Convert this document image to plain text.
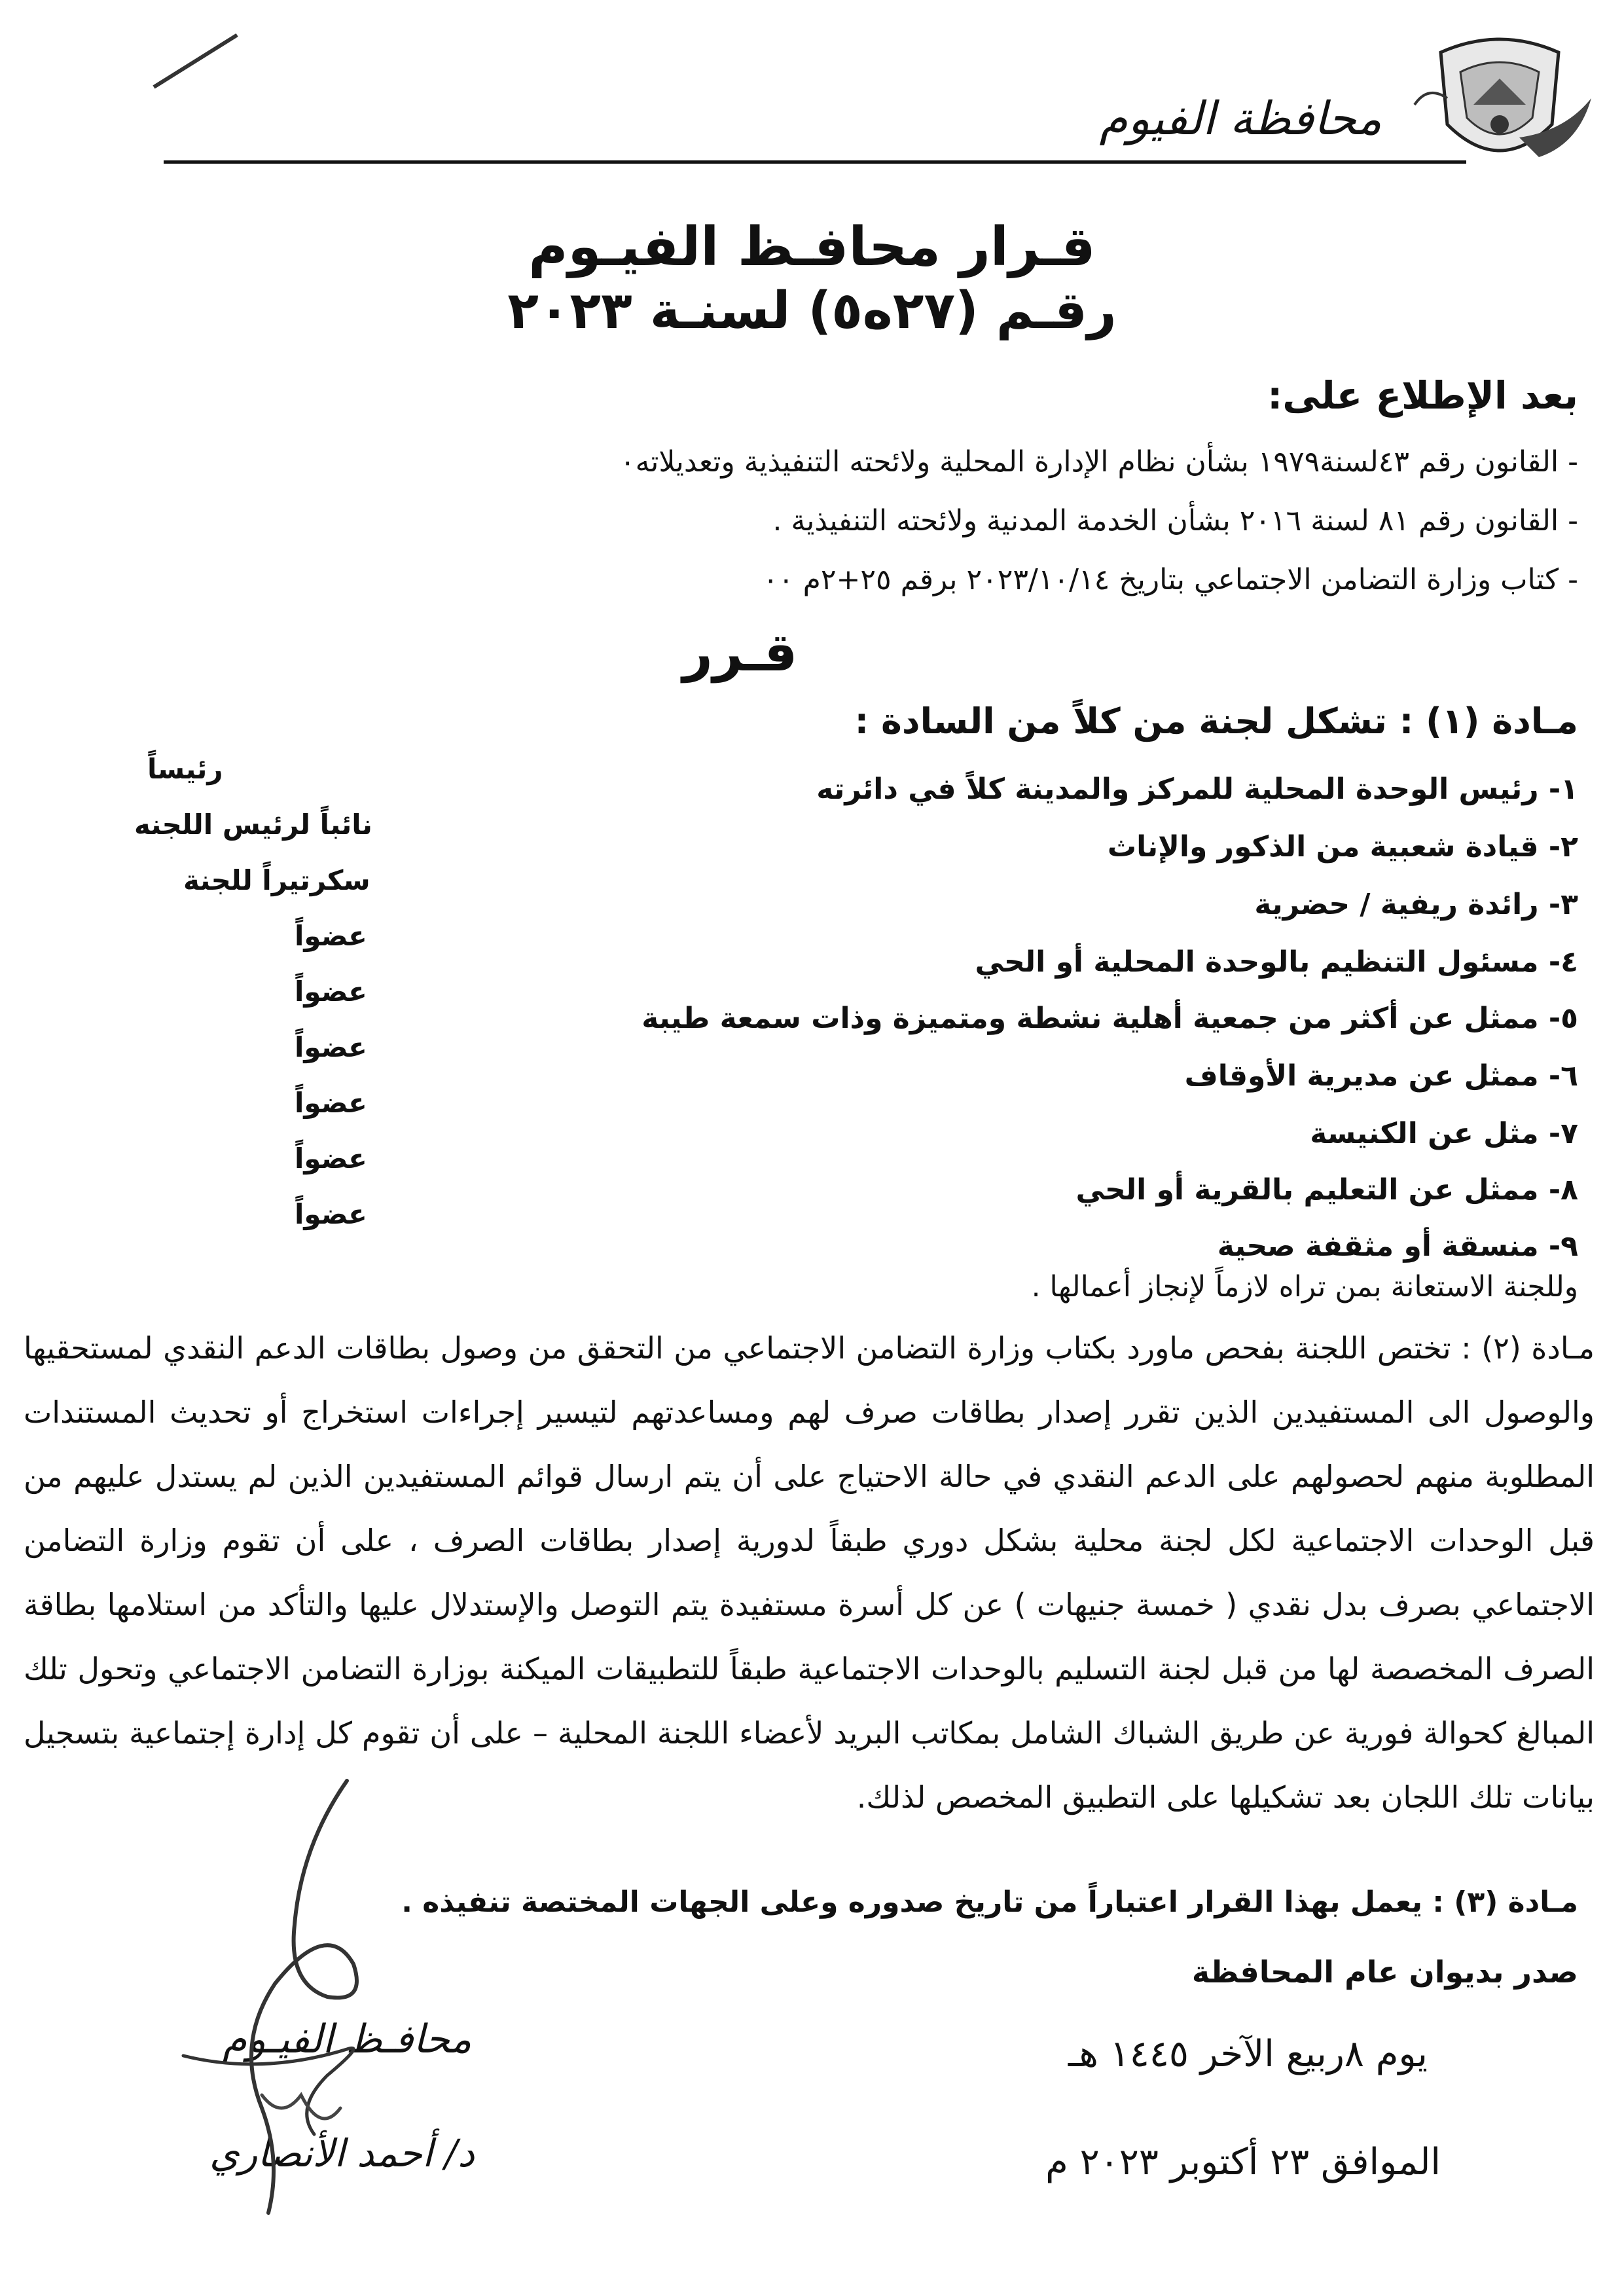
محافظة الفيوم
قـرار محافـظ الفيـوم
رقـم (٢٧ه٥) لسنـة ٢٠٢٣
بعد الإطلاع على:
- القانون رقم ٤٣لسنة١٩٧٩ بشأن نظام الإدارة المحلية ولائحته التنفيذية وتعديلاته٠
- القانون رقم ٨١ لسنة ٢٠١٦ بشأن الخدمة المدنية ولائحته التنفيذية .
- كتاب وزارة التضامن الاجتماعي بتاريخ ٢٠٢٣/١٠/١٤ برقم ٢٥+٢م ٠٠
قـرر
مـادة (١) : تشكل لجنة من كلاً من السادة :
١- رئيس الوحدة المحلية للمركز والمدينة كلاً في دائرته
رئيساً
٢- قيادة شعبية من الذكور والإناث
نائباً لرئيس اللجنه
٣- رائدة ريفية / حضرية
سكرتيراً للجنة
٤- مسئول التنظيم بالوحدة المحلية أو الحي
عضواً
٥- ممثل عن أكثر من جمعية أهلية نشطة ومتميزة وذات سمعة طيبة
عضواً
٦- ممثل عن مديرية الأوقاف
عضواً
٧- مثل عن الكنيسة
عضواً
٨- ممثل عن التعليم بالقرية أو الحي
عضواً
٩- منسقة أو مثقفة صحية
عضواً
وللجنة الاستعانة بمن تراه لازماً لإنجاز أعمالها .
مـادة (٢) : تختص اللجنة بفحص ماورد بكتاب وزارة التضامن الاجتماعي من التحقق من وصول بطاقات الدعم النقدي لمستحقيها والوصول الى المستفيدين الذين تقرر إصدار بطاقات صرف لهم ومساعدتهم لتيسير إجراءات استخراج أو تحديث المستندات المطلوبة منهم لحصولهم على الدعم النقدي في حالة الاحتياج على أن يتم ارسال قوائم المستفيدين الذين لم يستدل عليهم من قبل الوحدات الاجتماعية لكل لجنة محلية بشكل دوري طبقاً لدورية إصدار بطاقات الصرف ، على أن تقوم وزارة التضامن الاجتماعي بصرف بدل نقدي ( خمسة جنيهات ) عن كل أسرة مستفيدة يتم التوصل والإستدلال عليها والتأكد من استلامها بطاقة الصرف المخصصة لها من قبل لجنة التسليم بالوحدات الاجتماعية طبقاً للتطبيقات الميكنة بوزارة التضامن الاجتماعي وتحول تلك المبالغ كحوالة فورية عن طريق الشباك الشامل بمكاتب البريد لأعضاء اللجنة المحلية – على أن تقوم كل إدارة إجتماعية بتسجيل بيانات تلك اللجان بعد تشكيلها على التطبيق المخصص لذلك.
مـادة (٣) : يعمل بهذا القرار اعتباراً من تاريخ صدوره وعلى الجهات المختصة تنفيذه .
صدر بديوان عام المحافظة
يوم ٨ربيع الآخر ١٤٤٥ هـ
الموافق ٢٣ أكتوبر ٢٠٢٣ م
محافـظ الفيـوم
د/ أحمد الأنصاري
